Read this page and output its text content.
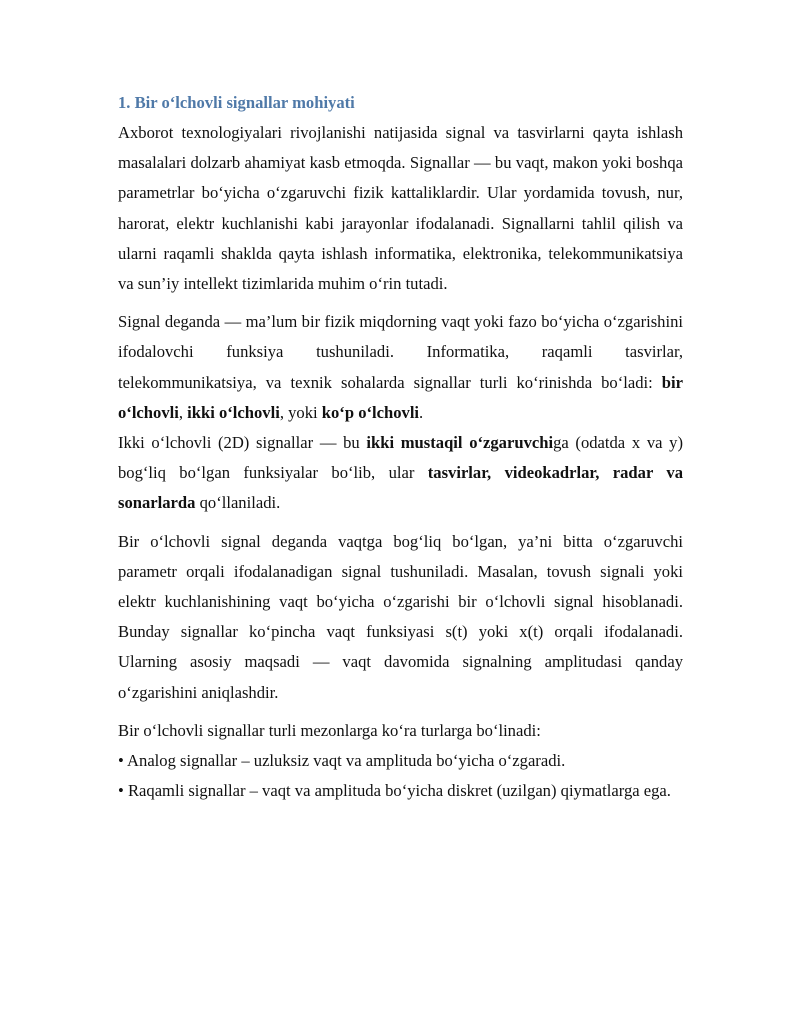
1. Bir o‘lchovli signallar mohiyati

Axborot texnologiyalari rivojlanishi natijasida signal va tasvirlarni qayta ishlash masalalari dolzarb ahamiyat kasb etmoqda. Signallar — bu vaqt, makon yoki boshqa parametrlar bo‘yicha o‘zgaruvchi fizik kattaliklardir. Ular yordamida tovush, nur, harorat, elektr kuchlanishi kabi jarayonlar ifodalanadi. Signallarni tahlil qilish va ularni raqamli shaklda qayta ishlash informatika, elektronika, telekommunikatsiya va sun’iy intellekt tizimlarida muhim o‘rin tutadi.

Signal deganda — ma’lum bir fizik miqdorning vaqt yoki fazo bo‘yicha o‘zgarishini ifodalovchi funksiya tushuniladi. Informatika, raqamli tasvirlar, telekommunikatsiya, va texnik sohalarda signallar turli ko‘rinishda bo‘ladi: bir o‘lchovli, ikki o‘lchovli, yoki ko‘p o‘lchovli.

Ikki o‘lchovli (2D) signallar — bu ikki mustaqil o‘zgaruvchiga (odatda x va y) bog‘liq bo‘lgan funksiyalar bo‘lib, ular tasvirlar, videokadrlar, radar va sonarlarda qo‘llaniladi.

Bir o‘lchovli signal deganda vaqtga bog‘liq bo‘lgan, ya’ni bitta o‘zgaruvchi parametr orqali ifodalanadigan signal tushuniladi. Masalan, tovush signali yoki elektr kuchlanishining vaqt bo‘yicha o‘zgarishi bir o‘lchovli signal hisoblanadi. Bunday signallar ko‘pincha vaqt funksiyasi s(t) yoki x(t) orqali ifodalanadi. Ularning asosiy maqsadi — vaqt davomida signalning amplitudasi qanday o‘zgarishini aniqlashdir.

Bir o‘lchovli signallar turli mezonlarga ko‘ra turlarga bo‘linadi:

• Analog signallar – uzluksiz vaqt va amplituda bo‘yicha o‘zgaradi.

• Raqamli signallar – vaqt va amplituda bo‘yicha diskret (uzilgan) qiymatlarga ega.
